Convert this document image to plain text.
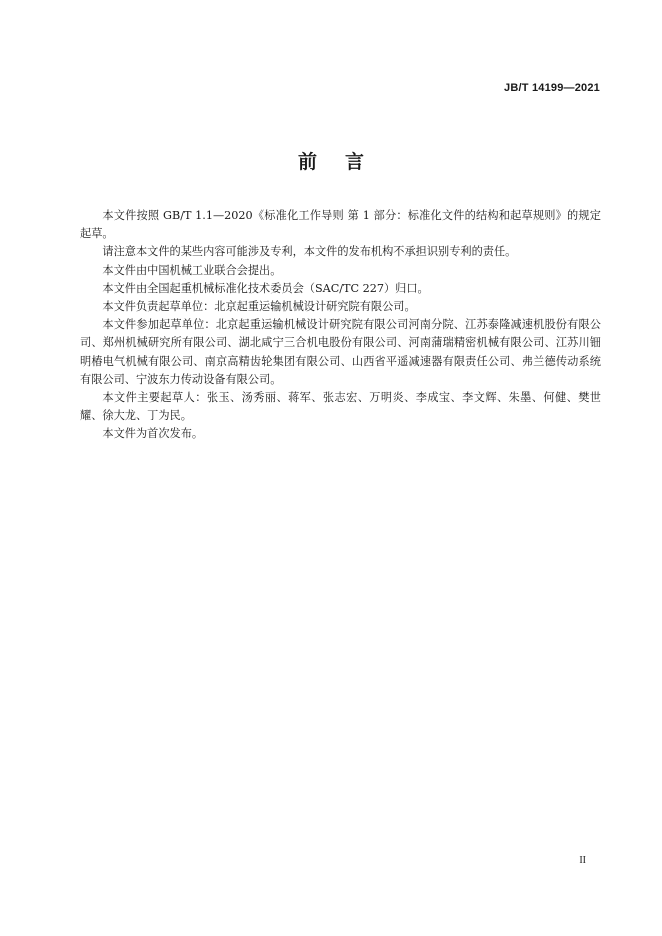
JB/T 14199—2021
前 言

本文件按照 GB/T 1.1—2020《标准化工作导则 第 1 部分：标准化文件的结构和起草规则》的规定起草。

请注意本文件的某些内容可能涉及专利，本文件的发布机构不承担识别专利的责任。

本文件由中国机械工业联合会提出。

本文件由全国起重机械标准化技术委员会（SAC/TC 227）归口。

本文件负责起草单位：北京起重运输机械设计研究院有限公司。

本文件参加起草单位：北京起重运输机械设计研究院有限公司河南分院、江苏泰隆减速机股份有限公司、郑州机械研究所有限公司、湖北咸宁三合机电股份有限公司、河南蒲瑞精密机械有限公司、江苏川钿明椿电气机械有限公司、南京高精齿轮集团有限公司、山西省平遥减速器有限责任公司、弗兰德传动系统有限公司、宁波东力传动设备有限公司。

本文件主要起草人：张玉、汤秀丽、蒋军、张志宏、万明炎、李成宝、李文辉、朱墨、何健、樊世耀、徐大龙、丁为民。

本文件为首次发布。

II
